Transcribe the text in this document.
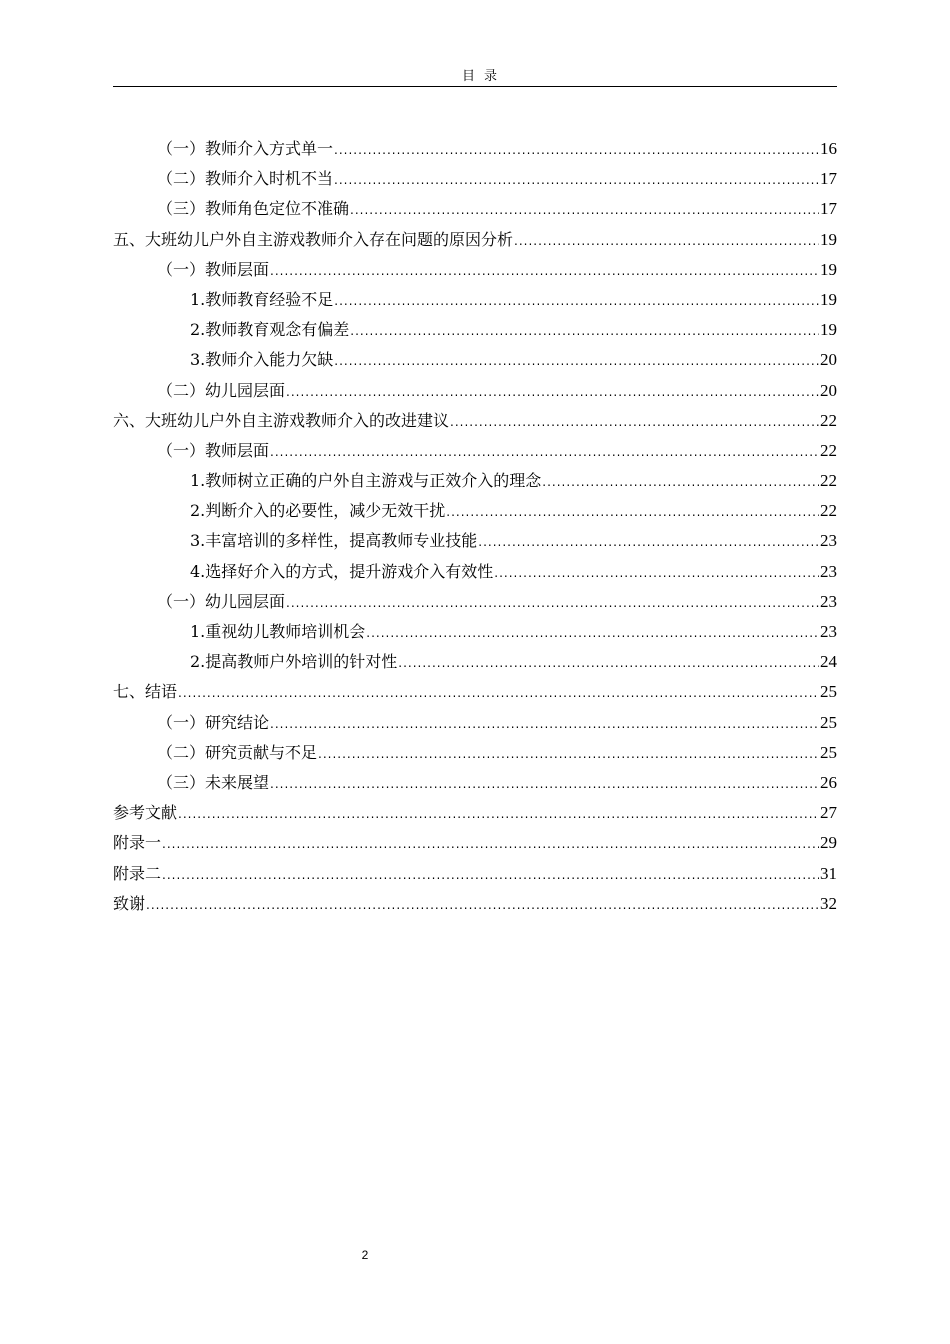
目录
（一）教师介入方式单一 .....	16
（二）教师介入时机不当 .....	17
（三）教师角色定位不准确 .....	17
五、大班幼儿户外自主游戏教师介入存在问题的原因分析 .....	19
（一）教师层面 .....	19
1.教师教育经验不足 .....	19
2.教师教育观念有偏差 .....	19
3.教师介入能力欠缺 .....	20
（二）幼儿园层面 .....	20
六、大班幼儿户外自主游戏教师介入的改进建议 .....	22
（一）教师层面 .....	22
1.教师树立正确的户外自主游戏与正效介入的理念 .....	22
2.判断介入的必要性，减少无效干扰 .....	22
3.丰富培训的多样性，提高教师专业技能 .....	23
4.选择好介入的方式，提升游戏介入有效性 .....	23
（一）幼儿园层面 .....	23
1.重视幼儿教师培训机会 .....	23
2.提高教师户外培训的针对性 .....	24
七、结语 .....	25
（一）研究结论 .....	25
（二）研究贡献与不足 .....	25
（三）未来展望 .....	26
参考文献 .....	27
附录一 .....	29
附录二 .....	31
致谢 .....	32
2
